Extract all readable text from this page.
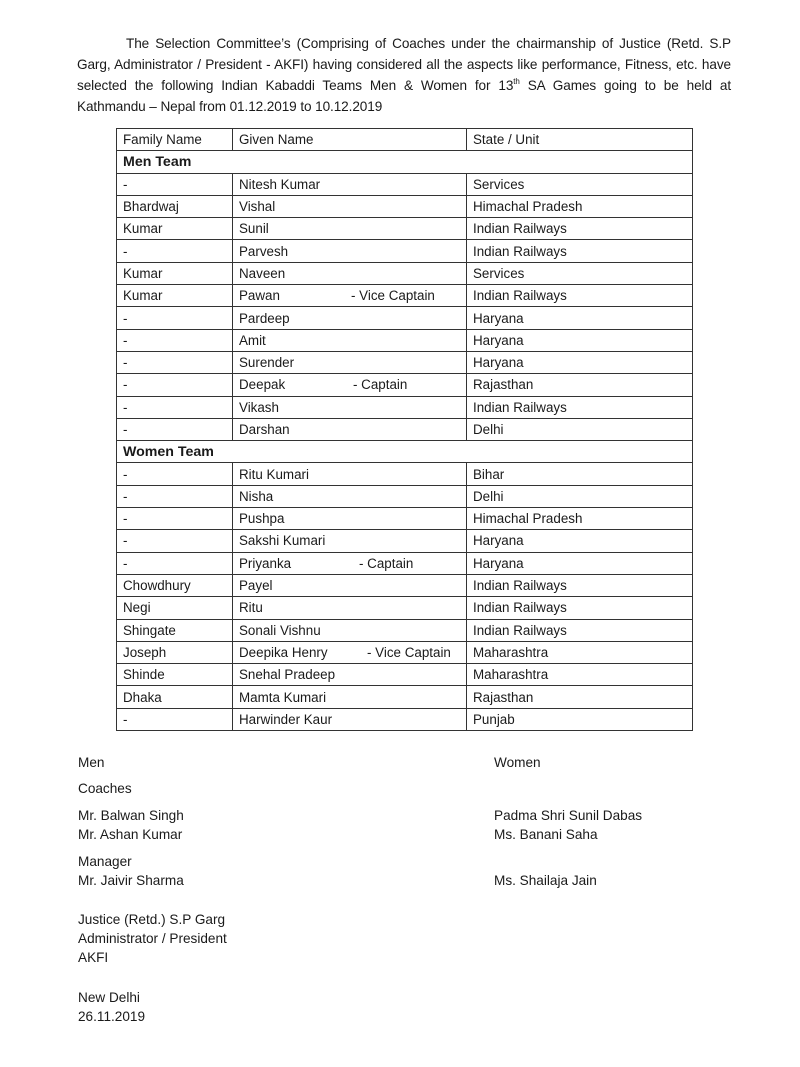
The Selection Committee’s (Comprising of Coaches under the chairmanship of Justice (Retd. S.P Garg, Administrator / President - AKFI) having considered all the aspects like performance, Fitness, etc. have selected the following Indian Kabaddi Teams Men & Women for 13th SA Games going to be held at Kathmandu – Nepal from 01.12.2019 to 10.12.2019
Family Name	Given Name	State / Unit
Men Team		
-	Nitesh Kumar	Services
Bhardwaj	Vishal	Himachal Pradesh
Kumar	Sunil	Indian Railways
-	Parvesh	Indian Railways
Kumar	Naveen	Services
Kumar	Pawan - Vice Captain	Indian Railways
-	Pardeep	Haryana
-	Amit	Haryana
-	Surender	Haryana
-	Deepak - Captain	Rajasthan
-	Vikash	Indian Railways
-	Darshan	Delhi
Women Team		
-	Ritu Kumari	Bihar
-	Nisha	Delhi
-	Pushpa	Himachal Pradesh
-	Sakshi Kumari	Haryana
-	Priyanka - Captain	Haryana
Chowdhury	Payel	Indian Railways
Negi	Ritu	Indian Railways
Shingate	Sonali Vishnu	Indian Railways
Joseph	Deepika Henry - Vice Captain	Maharashtra
Shinde	Snehal Pradeep	Maharashtra
Dhaka	Mamta Kumari	Rajasthan
-	Harwinder Kaur	Punjab
Men	Women
Coaches
Mr. Balwan Singh
Mr. Ashan Kumar
Padma Shri Sunil Dabas
Ms. Banani Saha
Manager
Mr. Jaivir Sharma	Ms. Shailaja Jain
Justice (Retd.) S.P Garg
Administrator / President
AKFI
New Delhi
26.11.2019
